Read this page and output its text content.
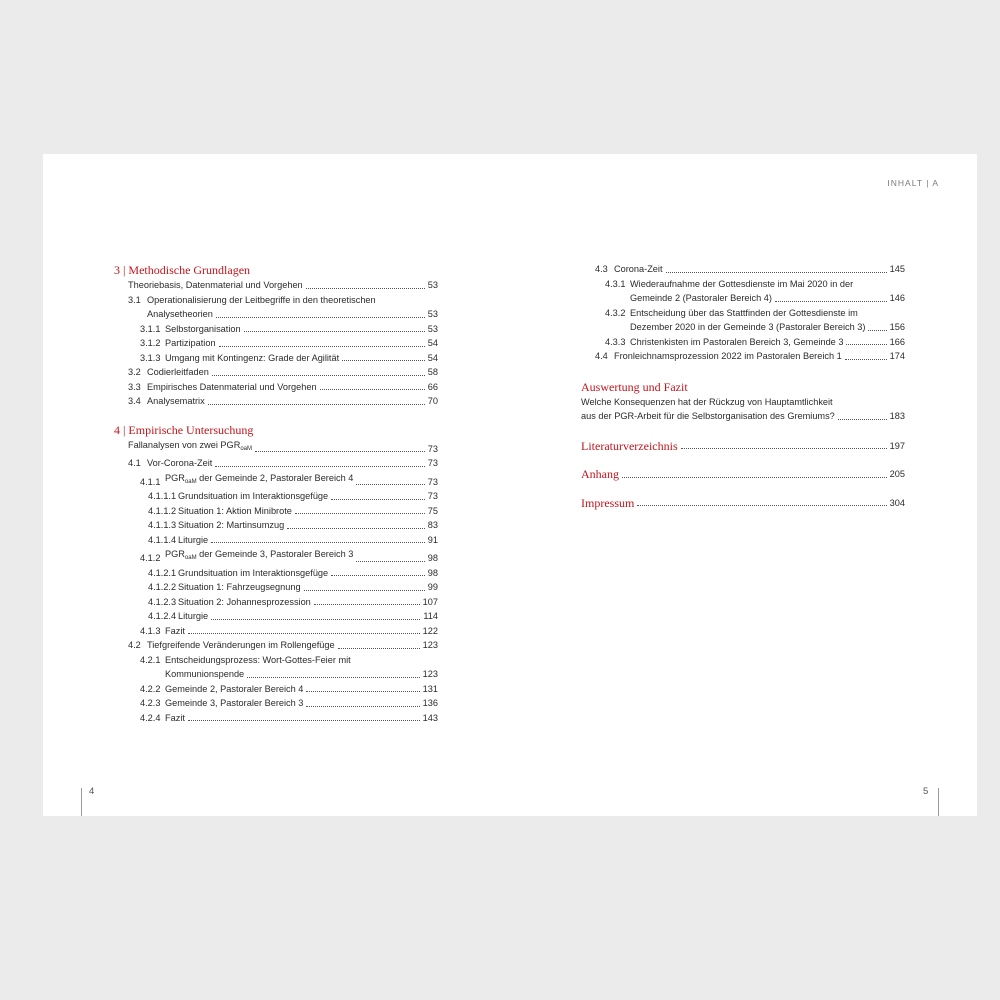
INHALT | A
3 | Methodische Grundlagen
Theoriebasis, Datenmaterial und Vorgehen	53
3.1 Operationalisierung der Leitbegriffe in den theoretischen
Analysetheorien	53
3.1.1 Selbstorganisation	53
3.1.2 Partizipation	54
3.1.3 Umgang mit Kontingenz: Grade der Agilität	54
3.2 Codierleitfaden	58
3.3 Empirisches Datenmaterial und Vorgehen	66
3.4 Analysematrix	70
4 | Empirische Untersuchung
Fallanalysen von zwei $PGR_{oaM}$	73
4.1 Vor-Corona-Zeit	73
4.1.1 $PGR_{oaM}$ der Gemeinde 2, Pastoraler Bereich 4	73
4.1.1.1 Grundsituation im Interaktionsgefüge	73
4.1.1.2 Situation 1: Aktion Minibrote	75
4.1.1.3 Situation 2: Martinsumzug	83
4.1.1.4 Liturgie	91
4.1.2 $PGR_{oaM}$ der Gemeinde 3, Pastoraler Bereich 3	98
4.1.2.1 Grundsituation im Interaktionsgefüge	98
4.1.2.2 Situation 1: Fahrzeugsegnung	99
4.1.2.3 Situation 2: Johannesprozession	107
4.1.2.4 Liturgie	114
4.1.3 Fazit	122
4.2 Tiefgreifende Veränderungen im Rollengefüge	123
4.2.1 Entscheidungsprozess: Wort-Gottes-Feier mit
Kommunionspende	123
4.2.2 Gemeinde 2, Pastoraler Bereich 4	131
4.2.3 Gemeinde 3, Pastoraler Bereich 3	136
4.2.4 Fazit	143
4.3 Corona-Zeit	145
4.3.1 Wiederaufnahme der Gottesdienste im Mai 2020 in der
Gemeinde 2 (Pastoraler Bereich 4)	146
4.3.2 Entscheidung über das Stattfinden der Gottesdienste im
Dezember 2020 in der Gemeinde 3 (Pastoraler Bereich 3)	156
4.3.3 Christenkisten im Pastoralen Bereich 3, Gemeinde 3	166
4.4 Fronleichnamsprozession 2022 im Pastoralen Bereich 1	174
Auswertung und Fazit
Welche Konsequenzen hat der Rückzug von Hauptamtlichkeit
aus der PGR-Arbeit für die Selbstorganisation des Gremiums?	183
Literaturverzeichnis	197
Anhang	205
Impressum	304
4	5
